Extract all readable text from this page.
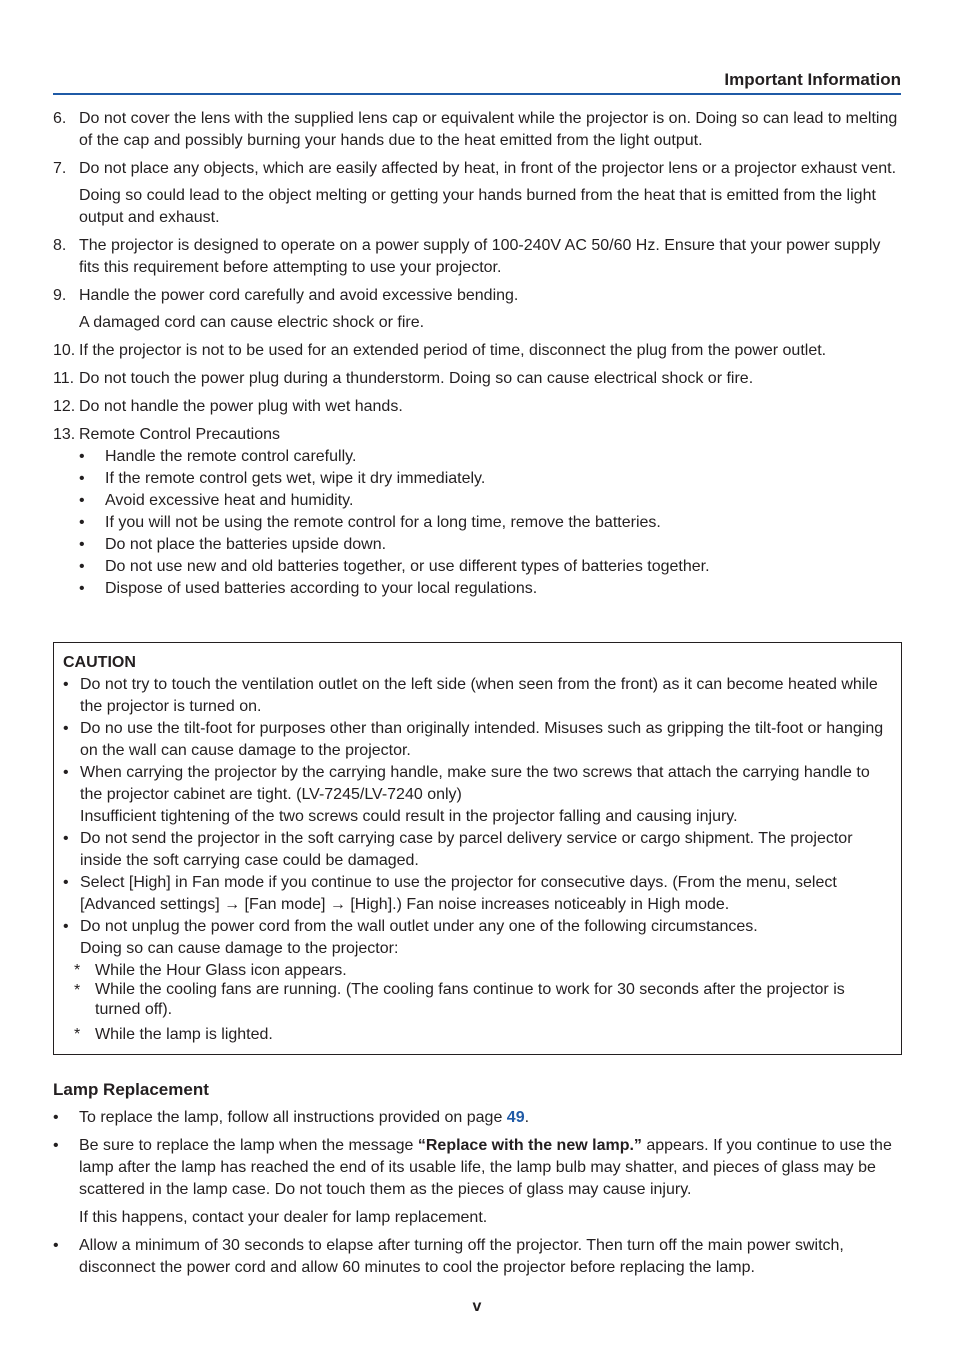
Important Information
6. Do not cover the lens with the supplied lens cap or equivalent while the projector is on. Doing so can lead to melting of the cap and possibly burning your hands due to the heat emitted from the light output.

7. Do not place any objects, which are easily affected by heat, in front of the projector lens or a projector exhaust vent.

Doing so could lead to the object melting or getting your hands burned from the heat that is emitted from the light output and exhaust.

8. The projector is designed to operate on a power supply of 100-240V AC 50/60 Hz. Ensure that your power supply fits this requirement before attempting to use your projector.

9. Handle the power cord carefully and avoid excessive bending.

A damaged cord can cause electric shock or fire.

10. If the projector is not to be used for an extended period of time, disconnect the plug from the power outlet.

11. Do not touch the power plug during a thunderstorm. Doing so can cause electrical shock or fire.

12. Do not handle the power plug with wet hands.

13. Remote Control Precautions

• Handle the remote control carefully.
• If the remote control gets wet, wipe it dry immediately.
• Avoid excessive heat and humidity.
• If you will not be using the remote control for a long time, remove the batteries.
• Do not place the batteries upside down.
• Do not use new and old batteries together, or use different types of batteries together.
• Dispose of used batteries according to your local regulations.
CAUTION
• Do not try to touch the ventilation outlet on the left side (when seen from the front) as it can become heated while the projector is turned on.
• Do no use the tilt-foot for purposes other than originally intended. Misuses such as gripping the tilt-foot or hanging on the wall can cause damage to the projector.
• When carrying the projector by the carrying handle, make sure the two screws that attach the carrying handle to the projector cabinet are tight. (LV-7245/LV-7240 only)
Insufficient tightening of the two screws could result in the projector falling and causing injury.
• Do not send the projector in the soft carrying case by parcel delivery service or cargo shipment. The projector inside the soft carrying case could be damaged.
• Select [High] in Fan mode if you continue to use the projector for consecutive days. (From the menu, select [Advanced settings] → [Fan mode] → [High].) Fan noise increases noticeably in High mode.
• Do not unplug the power cord from the wall outlet under any one of the following circumstances.
Doing so can cause damage to the projector:
* While the Hour Glass icon appears.
* While the cooling fans are running. (The cooling fans continue to work for 30 seconds after the projector is turned off).
* While the lamp is lighted.
Lamp Replacement
• To replace the lamp, follow all instructions provided on page 49.

• Be sure to replace the lamp when the message “Replace with the new lamp.” appears. If you continue to use the lamp after the lamp has reached the end of its usable life, the lamp bulb may shatter, and pieces of glass may be scattered in the lamp case. Do not touch them as the pieces of glass may cause injury.

If this happens, contact your dealer for lamp replacement.

• Allow a minimum of 30 seconds to elapse after turning off the projector. Then turn off the main power switch, disconnect the power cord and allow 60 minutes to cool the projector before replacing the lamp.

v
